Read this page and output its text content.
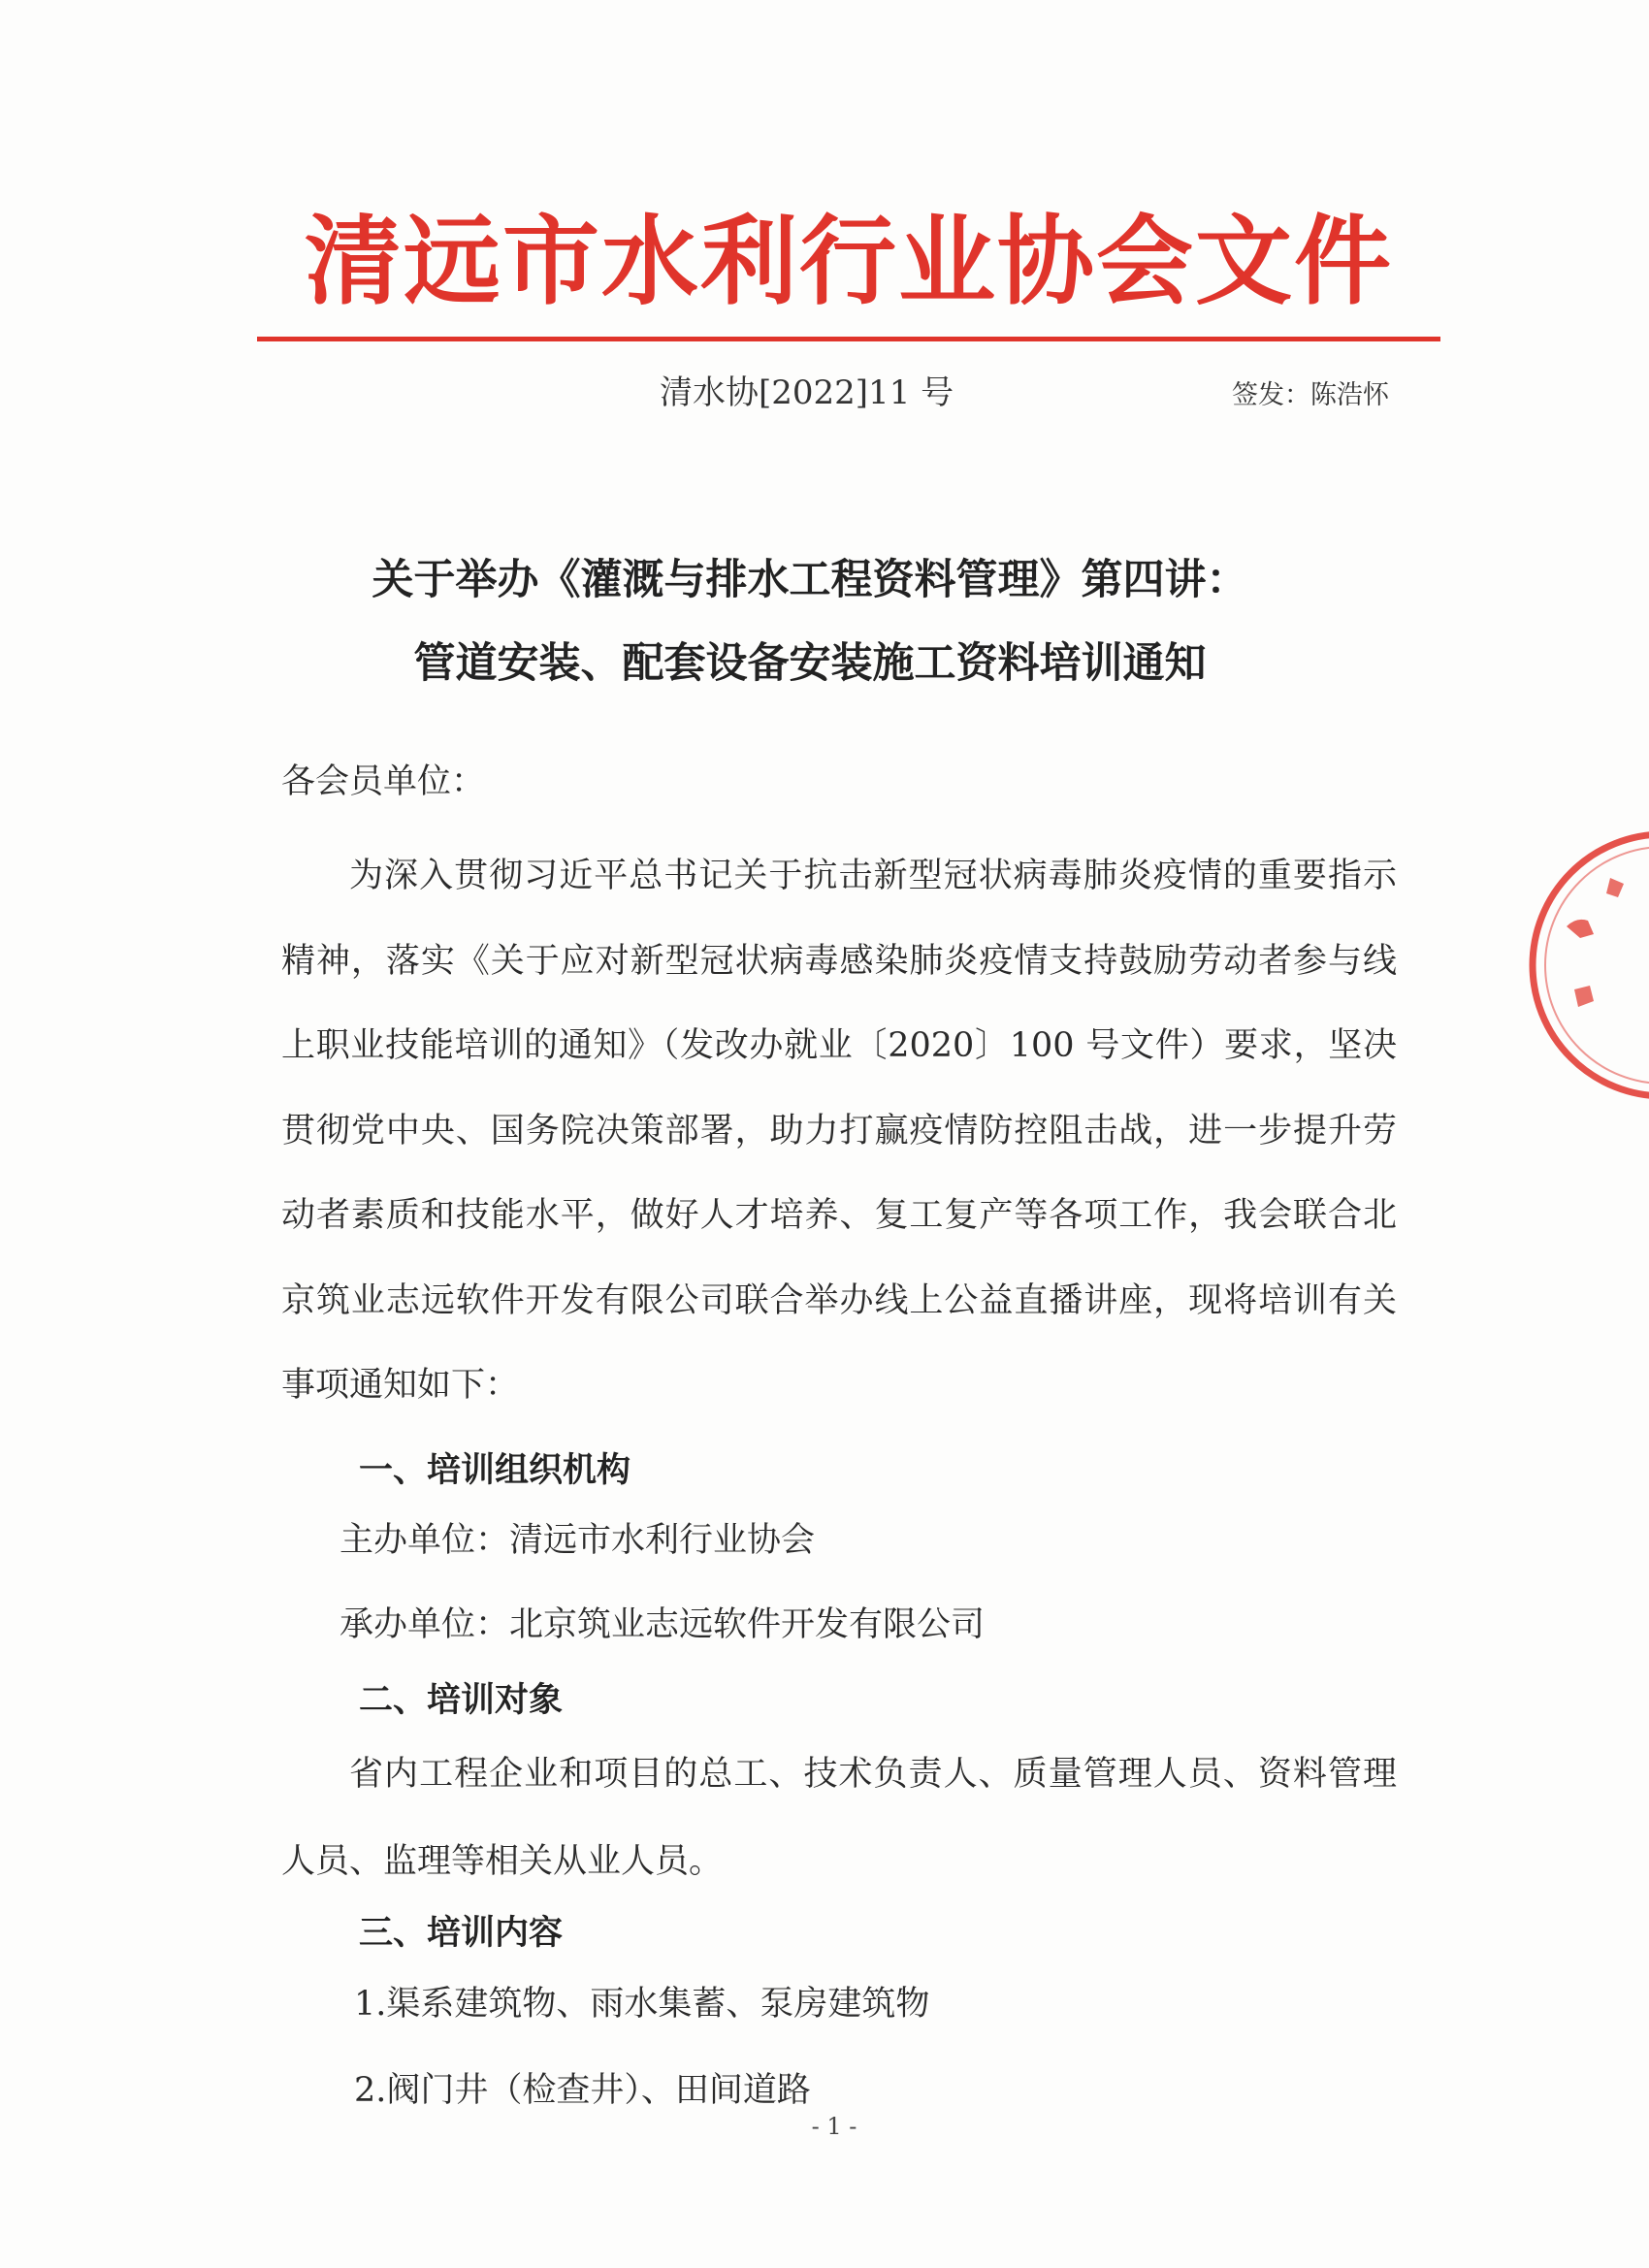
清远市水利行业协会文件
清水协[2022]11 号	签发：陈浩怀
关于举办《灌溉与排水工程资料管理》第四讲：
管道安装、配套设备安装施工资料培训通知
各会员单位：
为深入贯彻习近平总书记关于抗击新型冠状病毒肺炎疫情的重要指示精神，落实《关于应对新型冠状病毒感染肺炎疫情支持鼓励劳动者参与线上职业技能培训的通知》（发改办就业〔2020〕100 号文件）要求，坚决贯彻党中央、国务院决策部署，助力打赢疫情防控阻击战，进一步提升劳动者素质和技能水平，做好人才培养、复工复产等各项工作，我会联合北京筑业志远软件开发有限公司联合举办线上公益直播讲座，现将培训有关事项通知如下：
一、培训组织机构
主办单位：清远市水利行业协会
承办单位：北京筑业志远软件开发有限公司
二、培训对象
省内工程企业和项目的总工、技术负责人、质量管理人员、资料管理人员、监理等相关从业人员。
三、培训内容
1.渠系建筑物、雨水集蓄、泵房建筑物
2.阀门井（检查井）、田间道路
- 1 -
